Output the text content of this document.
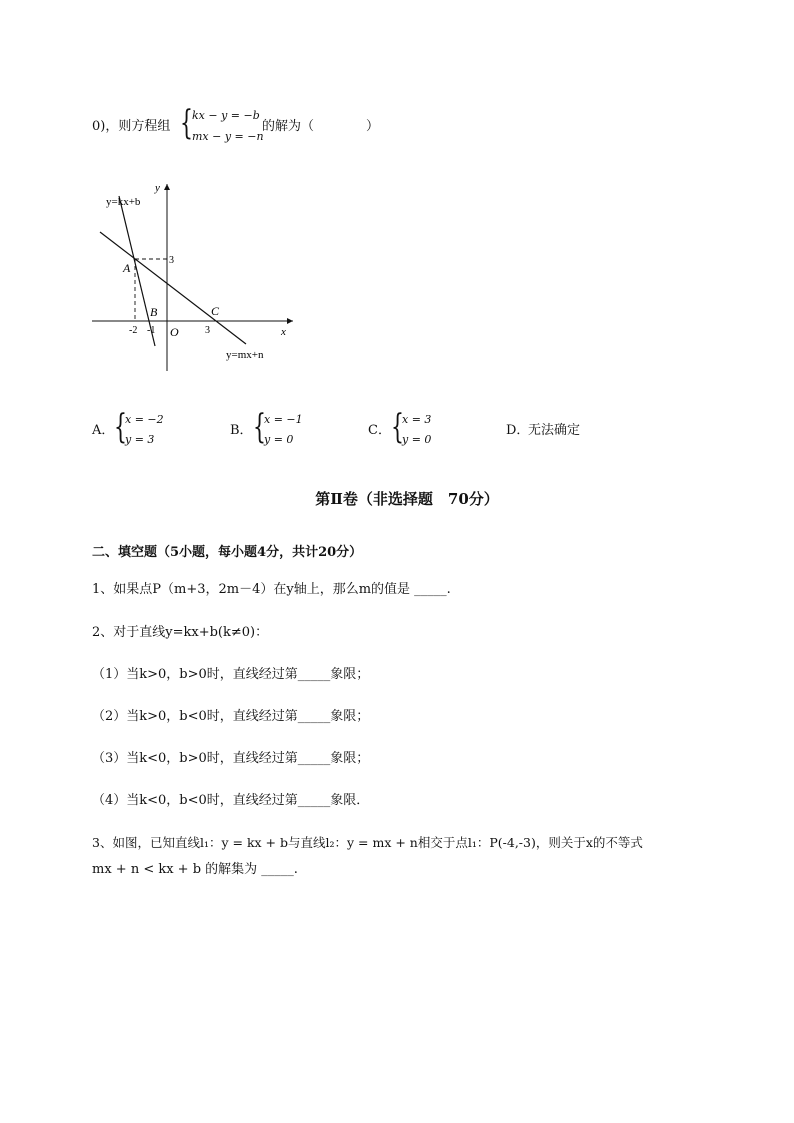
0)，则方程组 { kx − y = −b
mx − y = −n
的解为（　　　　）
y=kx+b
y
x
A
3
B	C
-2 -1 O	3
y=mx+n
A． {
x = −2
y = 3
B． {
x = −1
y = 0
C． {
x = 3
y = 0
D．
无法确定
第Ⅱ卷（非选择题　70分）
二、填空题（5小题，每小题4分，共计20分）
1、如果点P（m+3，2m－4）在y轴上，那么m的值是 _____.
2、对于直线y=kx+b(k≠0)：
（1）当k>0，b>0时，直线经过第_____象限；
（2）当k>0，b<0时，直线经过第_____象限；
（3）当k<0，b>0时，直线经过第_____象限；
（4）当k<0，b<0时，直线经过第_____象限．
3、如图，已知直线l₁：y = kx + b与直线l₂：y = mx + n相交于点l₁：P(-4,-3)，则关于x的不等式
mx + n < kx + b 的解集为 _____.
